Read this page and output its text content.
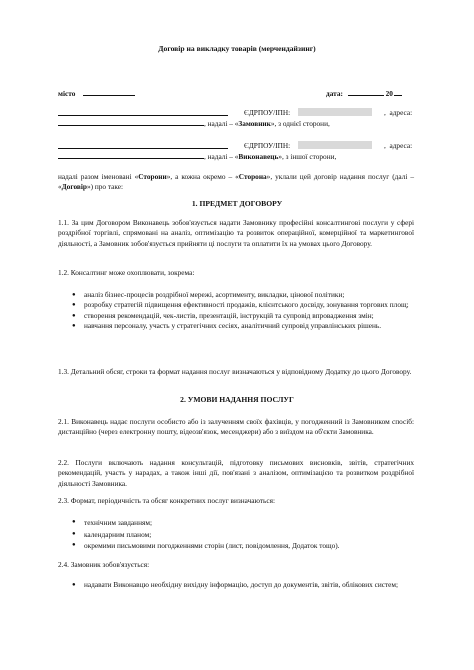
Договір на викладку товарів (мерчендайзинг)
місто	дата:	20
ЄДРПОУ/ІПН:	,  адреса:
, надалі – «Замовник», з однієї сторони,
ЄДРПОУ/ІПН:	,  адреса:
, надалі – «Виконавець», з іншої сторони,
надалі разом іменовані «Сторони», а кожна окремо – «Сторона», уклали цей договір надання послуг (далі – «Договір») про таке:
1. ПРЕДМЕТ ДОГОВОРУ
1.1. За цим Договором Виконавець зобов'язується надати Замовнику професійні консалтингові послуги у сфері роздрібної торгівлі, спрямовані на аналіз, оптимізацію та розвиток операційної, комерційної та маркетингової діяльності, а Замовник зобов'язується прийняти ці послуги та оплатити їх на умовах цього Договору.
1.2. Консалтинг може охоплювати, зокрема:
● аналіз бізнес-процесів роздрібної мережі, асортименту, викладки, цінової політики;
● розробку стратегій підвищення ефективності продажів, клієнтського досвіду, зонування торгових площ;
● створення рекомендацій, чек-листів, презентацій, інструкцій та супровід впровадження змін;
● навчання персоналу, участь у стратегічних сесіях, аналітичний супровід управлінських рішень.
1.3. Детальний обсяг, строки та формат надання послуг визначаються у відповідному Додатку до цього Договору.
2. УМОВИ НАДАННЯ ПОСЛУГ
2.1. Виконавець надає послуги особисто або із залученням своїх фахівців, у погодженний із Замовником спосіб: дистанційно (через електронну пошту, відеозв'язок, месенджери) або з виїздом на об'єкти Замовника.
2.2. Послуги включають надання консультацій, підготовку письмових висновків, звітів, стратегічних рекомендацій, участь у нарадах, а також інші дії, пов'язані з аналізом, оптимізацією та розвитком роздрібної діяльності Замовника.
2.3. Формат, періодичність та обсяг конкретних послуг визначаються:
● технічним завданням;
● календарним планом;
● окремими письмовими погодженнями сторін (лист, повідомлення, Додаток тощо).
2.4. Замовник зобов'язується:
● надавати Виконавцю необхідну вихідну інформацію, доступ до документів, звітів, облікових систем;
